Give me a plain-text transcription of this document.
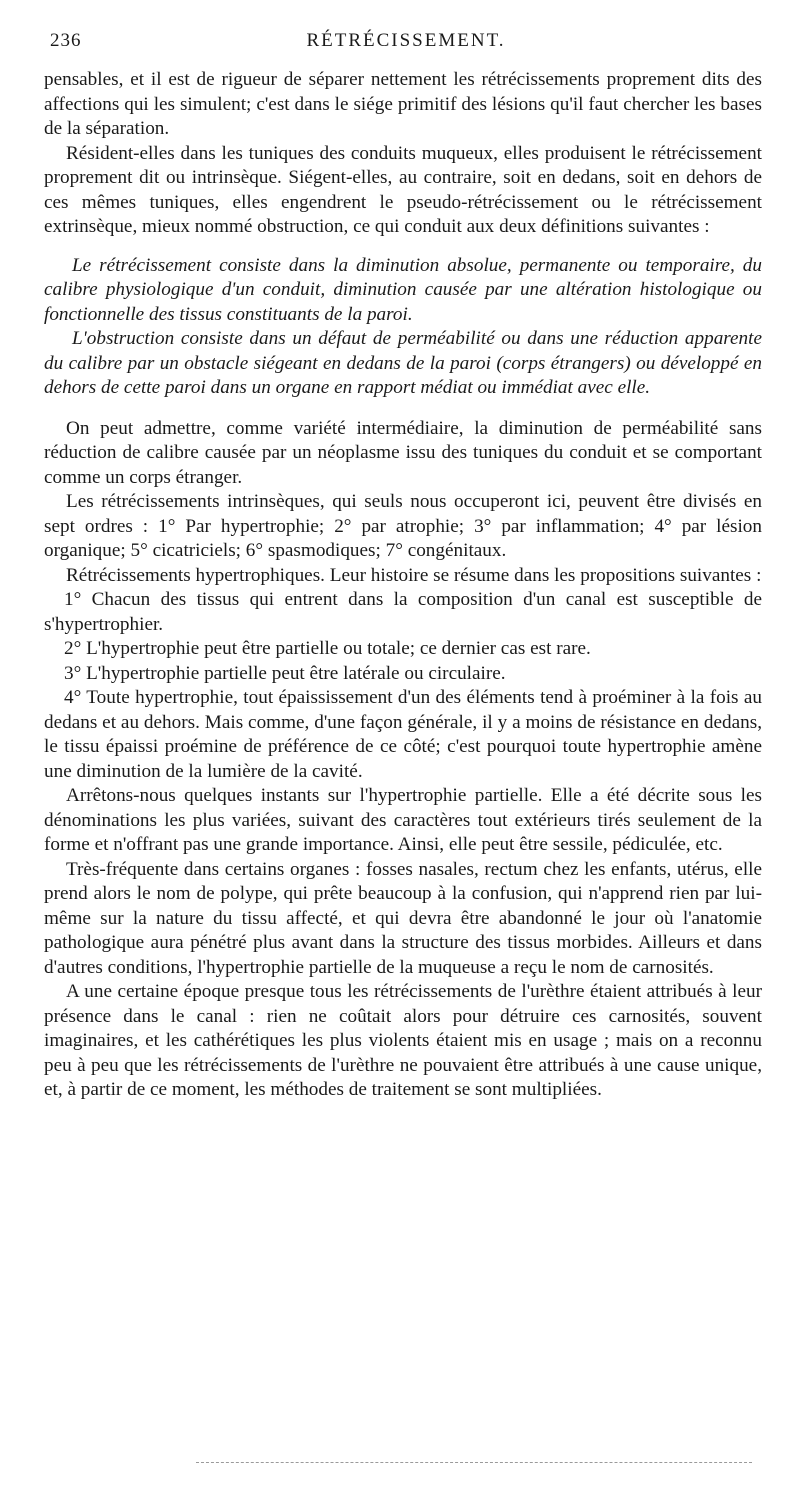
236	RÉTRÉCISSEMENT.

pensables, et il est de rigueur de séparer nettement les rétrécissements proprement dits des affections qui les simulent; c'est dans le siége primitif des lésions qu'il faut chercher les bases de la séparation.

Résident-elles dans les tuniques des conduits muqueux, elles produisent le rétrécissement proprement dit ou intrinsèque. Siégent-elles, au contraire, soit en dedans, soit en dehors de ces mêmes tuniques, elles engendrent le pseudo-rétrécissement ou le rétrécissement extrinsèque, mieux nommé obstruction, ce qui conduit aux deux définitions suivantes :

Le rétrécissement consiste dans la diminution absolue, permanente ou temporaire, du calibre physiologique d'un conduit, diminution causée par une altération histologique ou fonctionnelle des tissus constituants de la paroi.

L'obstruction consiste dans un défaut de perméabilité ou dans une réduction apparente du calibre par un obstacle siégeant en dedans de la paroi (corps étrangers) ou développé en dehors de cette paroi dans un organe en rapport médiat ou immédiat avec elle.

On peut admettre, comme variété intermédiaire, la diminution de perméabilité sans réduction de calibre causée par un néoplasme issu des tuniques du conduit et se comportant comme un corps étranger.

Les rétrécissements intrinsèques, qui seuls nous occuperont ici, peuvent être divisés en sept ordres : 1° Par hypertrophie; 2° par atrophie; 3° par inflammation; 4° par lésion organique; 5° cicatriciels; 6° spasmodiques; 7° congénitaux.

Rétrécissements hypertrophiques. Leur histoire se résume dans les propositions suivantes :

1° Chacun des tissus qui entrent dans la composition d'un canal est susceptible de s'hypertrophier.

2° L'hypertrophie peut être partielle ou totale; ce dernier cas est rare.

3° L'hypertrophie partielle peut être latérale ou circulaire.

4° Toute hypertrophie, tout épaississement d'un des éléments tend à proéminer à la fois au dedans et au dehors. Mais comme, d'une façon générale, il y a moins de résistance en dedans, le tissu épaissi proémine de préférence de ce côté; c'est pourquoi toute hypertrophie amène une diminution de la lumière de la cavité.

Arrêtons-nous quelques instants sur l'hypertrophie partielle. Elle a été décrite sous les dénominations les plus variées, suivant des caractères tout extérieurs tirés seulement de la forme et n'offrant pas une grande importance. Ainsi, elle peut être sessile, pédiculée, etc.

Très-fréquente dans certains organes : fosses nasales, rectum chez les enfants, utérus, elle prend alors le nom de polype, qui prête beaucoup à la confusion, qui n'apprend rien par lui-même sur la nature du tissu affecté, et qui devra être abandonné le jour où l'anatomie pathologique aura pénétré plus avant dans la structure des tissus morbides. Ailleurs et dans d'autres conditions, l'hypertrophie partielle de la muqueuse a reçu le nom de carnosités.

A une certaine époque presque tous les rétrécissements de l'urèthre étaient attribués à leur présence dans le canal : rien ne coûtait alors pour détruire ces carnosités, souvent imaginaires, et les cathérétiques les plus violents étaient mis en usage ; mais on a reconnu peu à peu que les rétrécissements de l'urèthre ne pouvaient être attribués à une cause unique, et, à partir de ce moment, les méthodes de traitement se sont multipliées.
